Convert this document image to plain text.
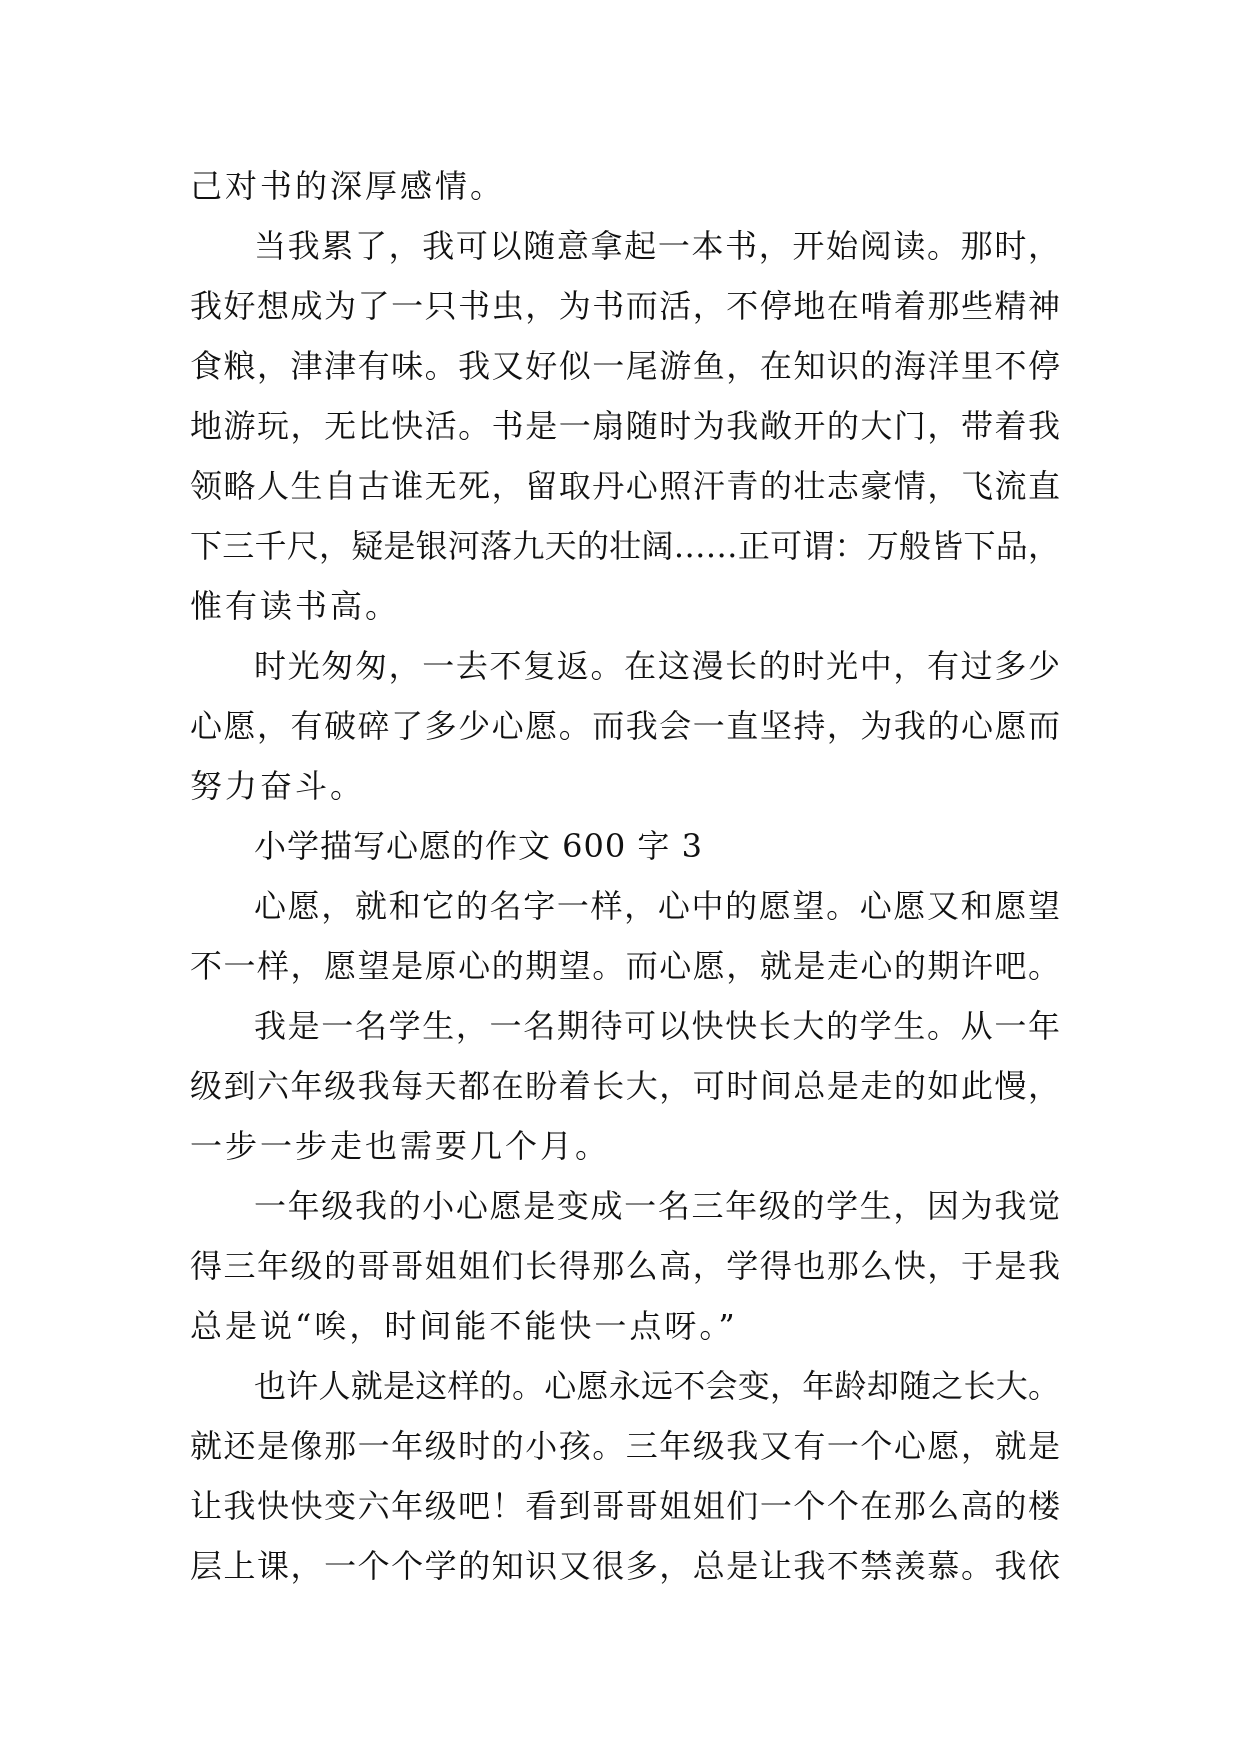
己对书的深厚感情。
当我累了，我可以随意拿起一本书，开始阅读。那时，
我好想成为了一只书虫，为书而活，不停地在啃着那些精神
食粮，津津有味。我又好似一尾游鱼，在知识的海洋里不停
地游玩，无比快活。书是一扇随时为我敞开的大门，带着我
领略人生自古谁无死，留取丹心照汗青的壮志豪情，飞流直
下三千尺，疑是银河落九天的壮阔……正可谓：万般皆下品，
惟有读书高。
时光匆匆，一去不复返。在这漫长的时光中，有过多少
心愿，有破碎了多少心愿。而我会一直坚持，为我的心愿而
努力奋斗。
小学描写心愿的作文 600 字 3
心愿，就和它的名字一样，心中的愿望。心愿又和愿望
不一样，愿望是原心的期望。而心愿，就是走心的期许吧。
我是一名学生，一名期待可以快快长大的学生。从一年
级到六年级我每天都在盼着长大，可时间总是走的如此慢，
一步一步走也需要几个月。
一年级我的小心愿是变成一名三年级的学生，因为我觉
得三年级的哥哥姐姐们长得那么高，学得也那么快，于是我
总是说“唉，时间能不能快一点呀。”
也许人就是这样的。心愿永远不会变，年龄却随之长大。
就还是像那一年级时的小孩。三年级我又有一个心愿，就是
让我快快变六年级吧！看到哥哥姐姐们一个个在那么高的楼
层上课，一个个学的知识又很多，总是让我不禁羡慕。我依
